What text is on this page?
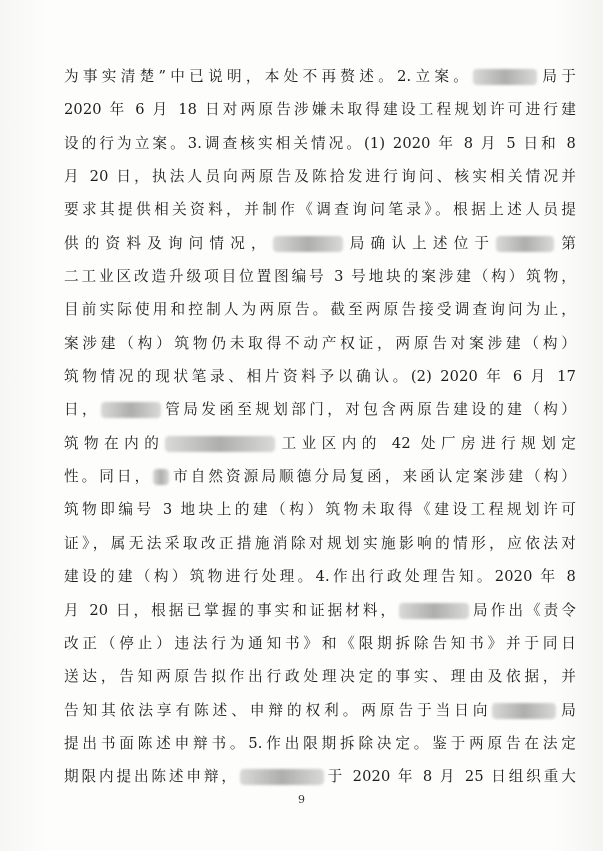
为事实清楚”中已说明，本处不再赘述。2.立案。	局于
2020 年 6 月 18 日对两原告涉嫌未取得建设工程规划许可进行建
设的行为立案。3.调查核实相关情况。(1) 2020 年 8 月 5 日和 8
月 20 日，执法人员向两原告及陈拾发进行询问、核实相关情况并
要求其提供相关资料，并制作《调查询问笔录》。根据上述人员提
供的资料及询问情况，	局确认上述位于	第
二工业区改造升级项目位置图编号 3 号地块的案涉建（构）筑物，
目前实际使用和控制人为两原告。截至两原告接受调查询问为止，
案涉建（构）筑物仍未取得不动产权证，两原告对案涉建（构）
筑物情况的现状笔录、相片资料予以确认。(2) 2020 年 6 月 17
日，	管局发函至规划部门，对包含两原告建设的建（构）
筑物在内的	工业区内的 42 处厂房进行规划定
性。同日， 市自然资源局顺德分局复函，来函认定案涉建（构）
筑物即编号 3 地块上的建（构）筑物未取得《建设工程规划许可
证》，属无法采取改正措施消除对规划实施影响的情形，应依法对
建设的建（构）筑物进行处理。4.作出行政处理告知。2020 年 8
月 20 日，根据已掌握的事实和证据材料，	局作出《责令
改正（停止）违法行为通知书》和《限期拆除告知书》并于同日
送达，告知两原告拟作出行政处理决定的事实、理由及依据，并
告知其依法享有陈述、申辩的权利。两原告于当日向	局
提出书面陈述申辩书。5.作出限期拆除决定。鉴于两原告在法定
期限内提出陈述申辩，	于 2020 年 8 月 25 日组织重大
9
